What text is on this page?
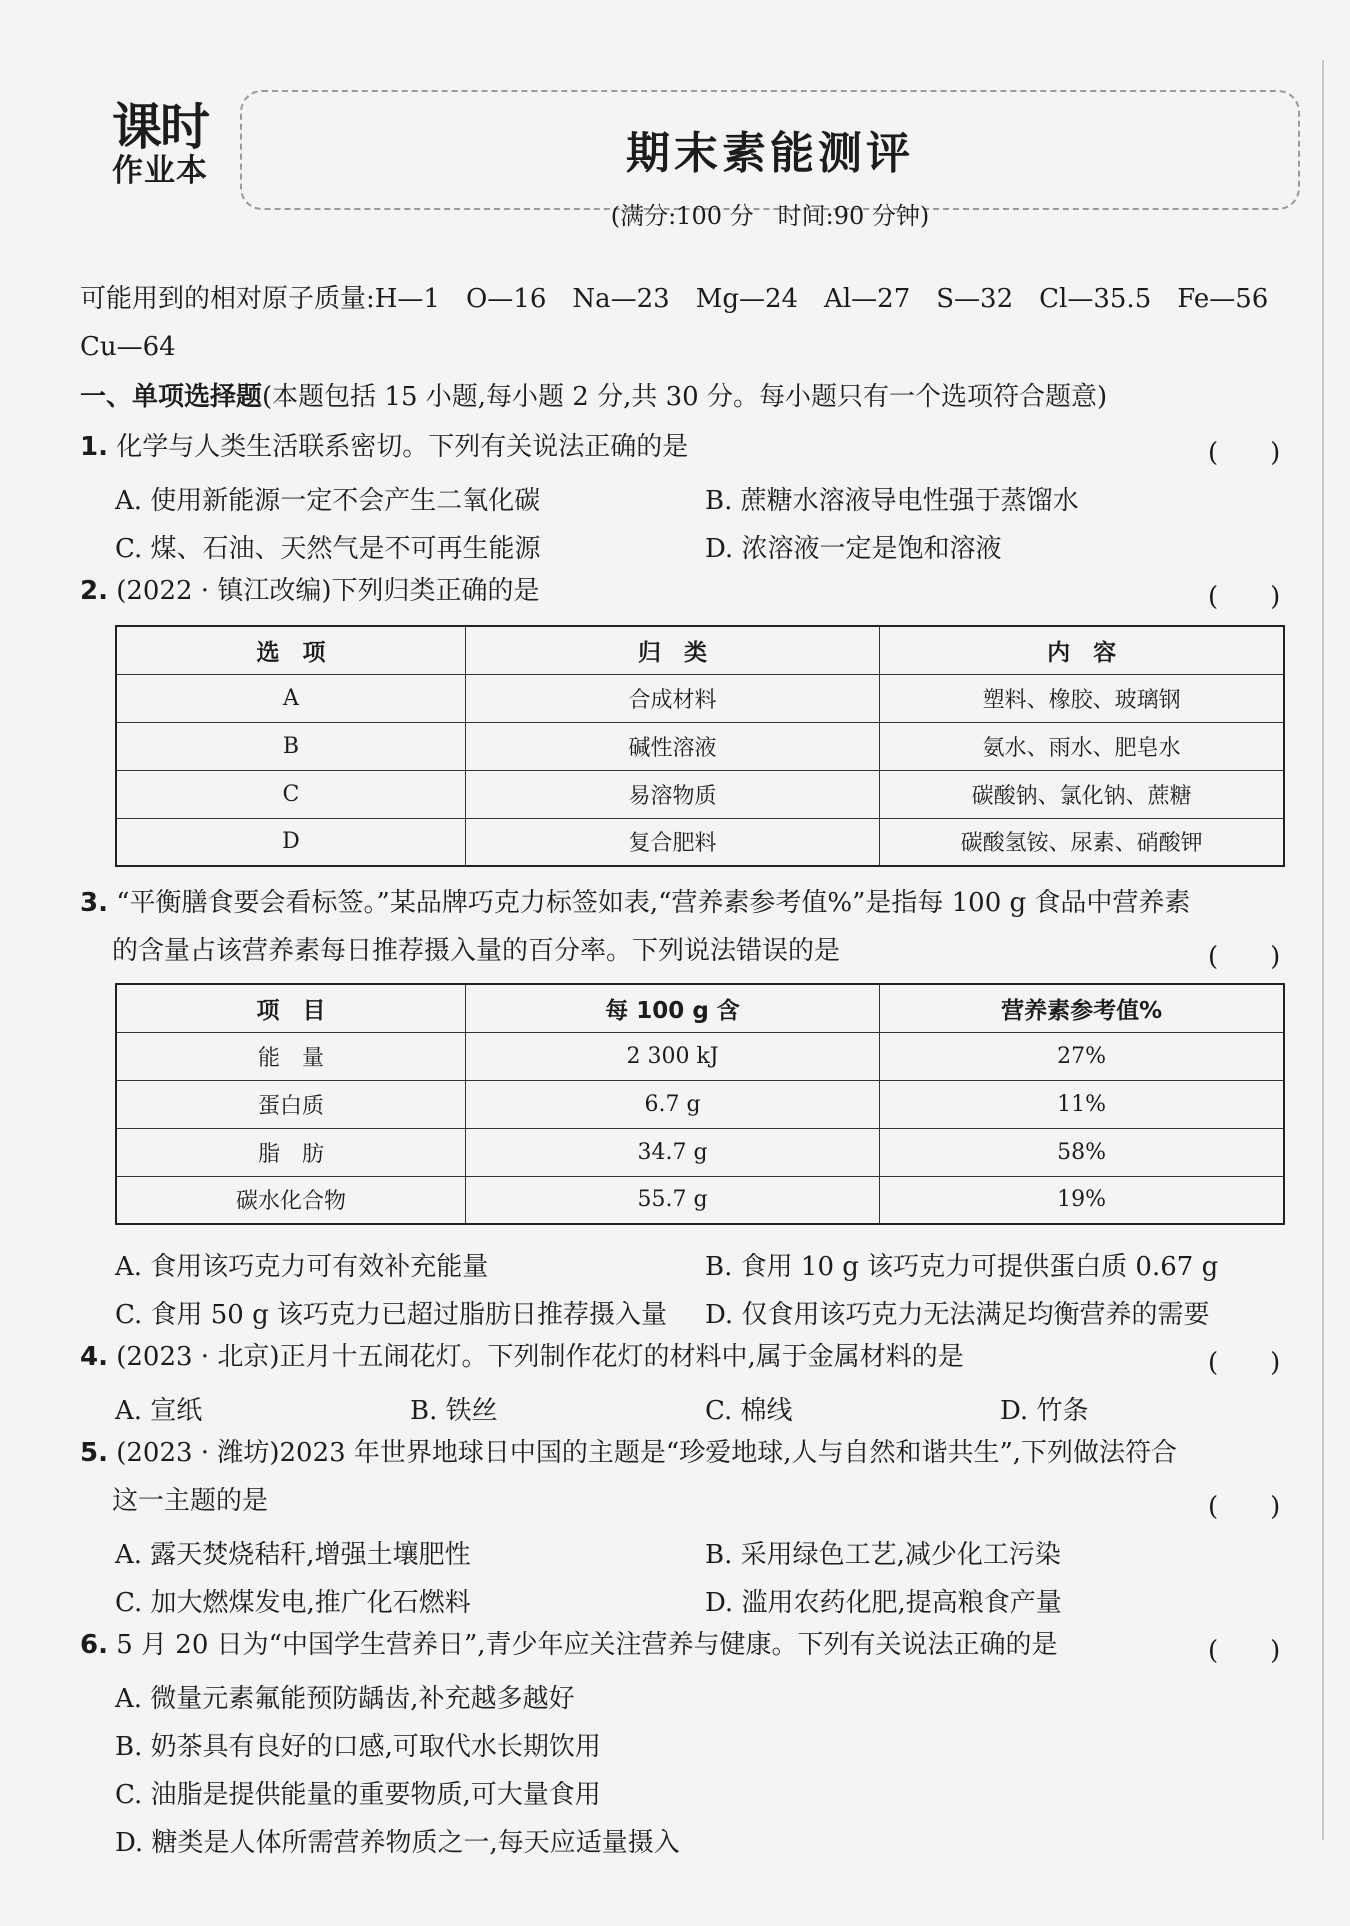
课时
作业本	期末素能测评
(满分:100 分　时间:90 分钟)
可能用到的相对原子质量:H—1　O—16　Na—23　Mg—24　Al—27　S—32　Cl—35.5　Fe—56
Cu—64
一、单项选择题(本题包括 15 小题,每小题 2 分,共 30 分。每小题只有一个选项符合题意)
1. 化学与人类生活联系密切。下列有关说法正确的是	(　　)
A. 使用新能源一定不会产生二氧化碳	B. 蔗糖水溶液导电性强于蒸馏水
C. 煤、石油、天然气是不可再生能源	D. 浓溶液一定是饱和溶液
2. (2022 · 镇江改编)下列归类正确的是	(　　)
选　项	归　类	内　容
A	合成材料	塑料、橡胶、玻璃钢
B	碱性溶液	氨水、雨水、肥皂水
C	易溶物质	碳酸钠、氯化钠、蔗糖
D	复合肥料	碳酸氢铵、尿素、硝酸钾
3. “平衡膳食要会看标签。”某品牌巧克力标签如表,“营养素参考值%”是指每 100 g 食品中营养素
的含量占该营养素每日推荐摄入量的百分率。下列说法错误的是	(　　)
项　目	每 100 g 含	营养素参考值%
能　量	2 300 kJ	27%
蛋白质	6.7 g	11%
脂　肪	34.7 g	58%
碳水化合物	55.7 g	19%
A. 食用该巧克力可有效补充能量	B. 食用 10 g 该巧克力可提供蛋白质 0.67 g
C. 食用 50 g 该巧克力已超过脂肪日推荐摄入量 D. 仅食用该巧克力无法满足均衡营养的需要
4. (2023 · 北京)正月十五闹花灯。下列制作花灯的材料中,属于金属材料的是	(　　)
A. 宣纸	B. 铁丝	C. 棉线	D. 竹条
5. (2023 · 潍坊)2023 年世界地球日中国的主题是“珍爱地球,人与自然和谐共生”,下列做法符合
这一主题的是	(　　)
A. 露天焚烧秸秆,增强土壤肥性	B. 采用绿色工艺,减少化工污染
C. 加大燃煤发电,推广化石燃料	D. 滥用农药化肥,提高粮食产量
6. 5 月 20 日为“中国学生营养日”,青少年应关注营养与健康。下列有关说法正确的是	(　　)
A. 微量元素氟能预防龋齿,补充越多越好
B. 奶茶具有良好的口感,可取代水长期饮用
C. 油脂是提供能量的重要物质,可大量食用
D. 糖类是人体所需营养物质之一,每天应适量摄入
